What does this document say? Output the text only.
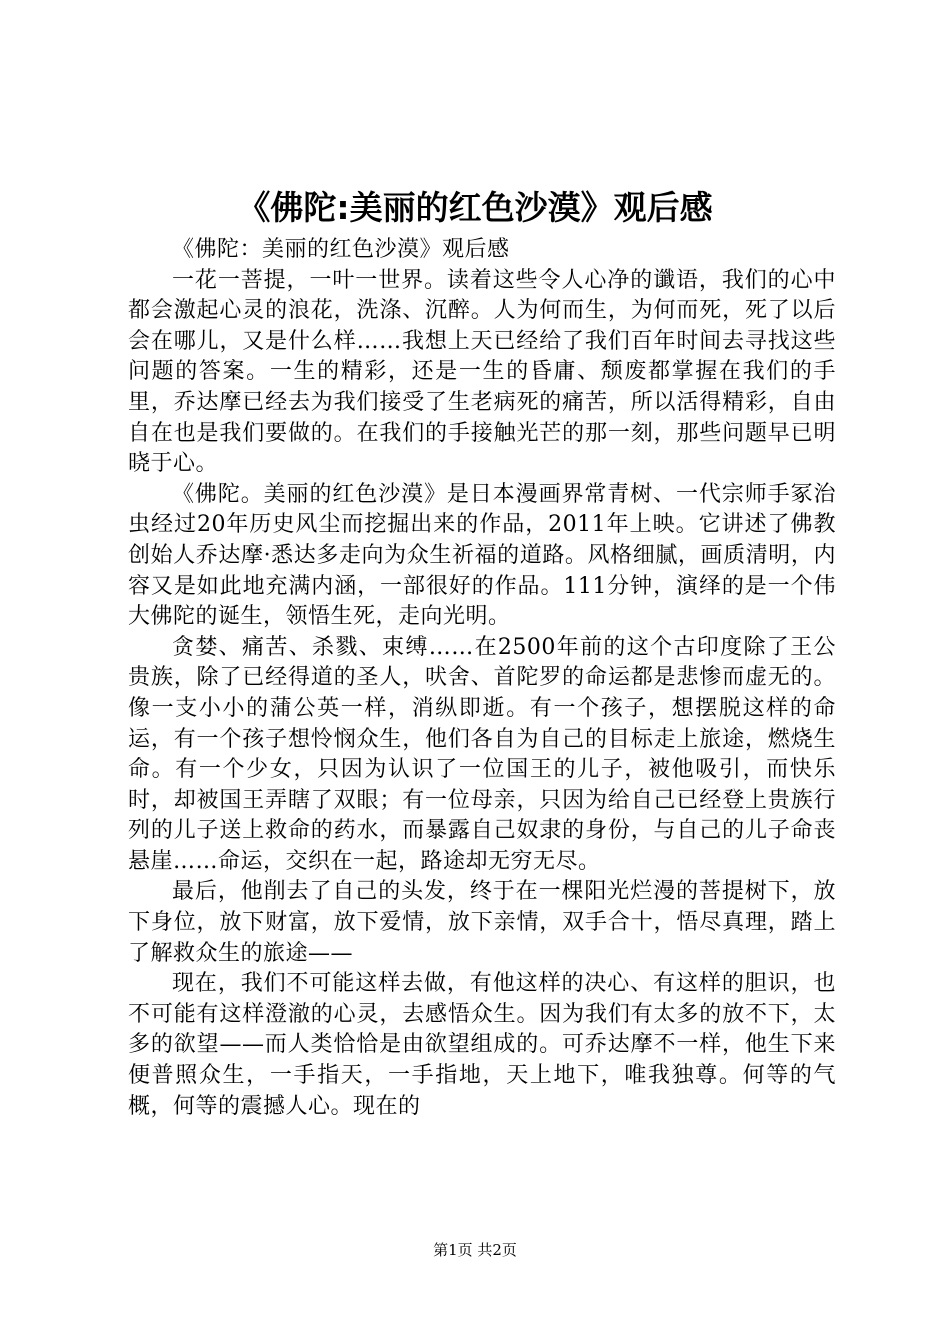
《佛陀:美丽的红色沙漠》观后感

《佛陀：美丽的红色沙漠》观后感

一花一菩提，一叶一世界。读着这些令人心净的谶语，我们的心中都会激起心灵的浪花，洗涤、沉醉。人为何而生，为何而死，死了以后会在哪儿，又是什么样……我想上天已经给了我们百年时间去寻找这些问题的答案。一生的精彩，还是一生的昏庸、颓废都掌握在我们的手里，乔达摩已经去为我们接受了生老病死的痛苦，所以活得精彩，自由自在也是我们要做的。在我们的手接触光芒的那一刻，那些问题早已明晓于心。

《佛陀。美丽的红色沙漠》是日本漫画界常青树、一代宗师手冢治虫经过20年历史风尘而挖掘出来的作品，2011年上映。它讲述了佛教创始人乔达摩·悉达多走向为众生祈福的道路。风格细腻，画质清明，内容又是如此地充满内涵，一部很好的作品。111分钟，演绎的是一个伟大佛陀的诞生，领悟生死，走向光明。

贪婪、痛苦、杀戮、束缚……在2500年前的这个古印度除了王公贵族，除了已经得道的圣人，吠舍、首陀罗的命运都是悲惨而虚无的。像一支小小的蒲公英一样，消纵即逝。有一个孩子，想摆脱这样的命运，有一个孩子想怜悯众生，他们各自为自己的目标走上旅途，燃烧生命。有一个少女，只因为认识了一位国王的儿子，被他吸引，而快乐时，却被国王弄瞎了双眼；有一位母亲，只因为给自己已经登上贵族行列的儿子送上救命的药水，而暴露自己奴隶的身份，与自己的儿子命丧悬崖……命运，交织在一起，路途却无穷无尽。

最后，他削去了自己的头发，终于在一棵阳光烂漫的菩提树下，放下身位，放下财富，放下爱情，放下亲情，双手合十，悟尽真理，踏上了解救众生的旅途——

现在，我们不可能这样去做，有他这样的决心、有这样的胆识，也不可能有这样澄澈的心灵，去感悟众生。因为我们有太多的放不下，太多的欲望——而人类恰恰是由欲望组成的。可乔达摩不一样，他生下来便普照众生，一手指天，一手指地，天上地下，唯我独尊。何等的气概，何等的震撼人心。现在的

第1页 共2页
